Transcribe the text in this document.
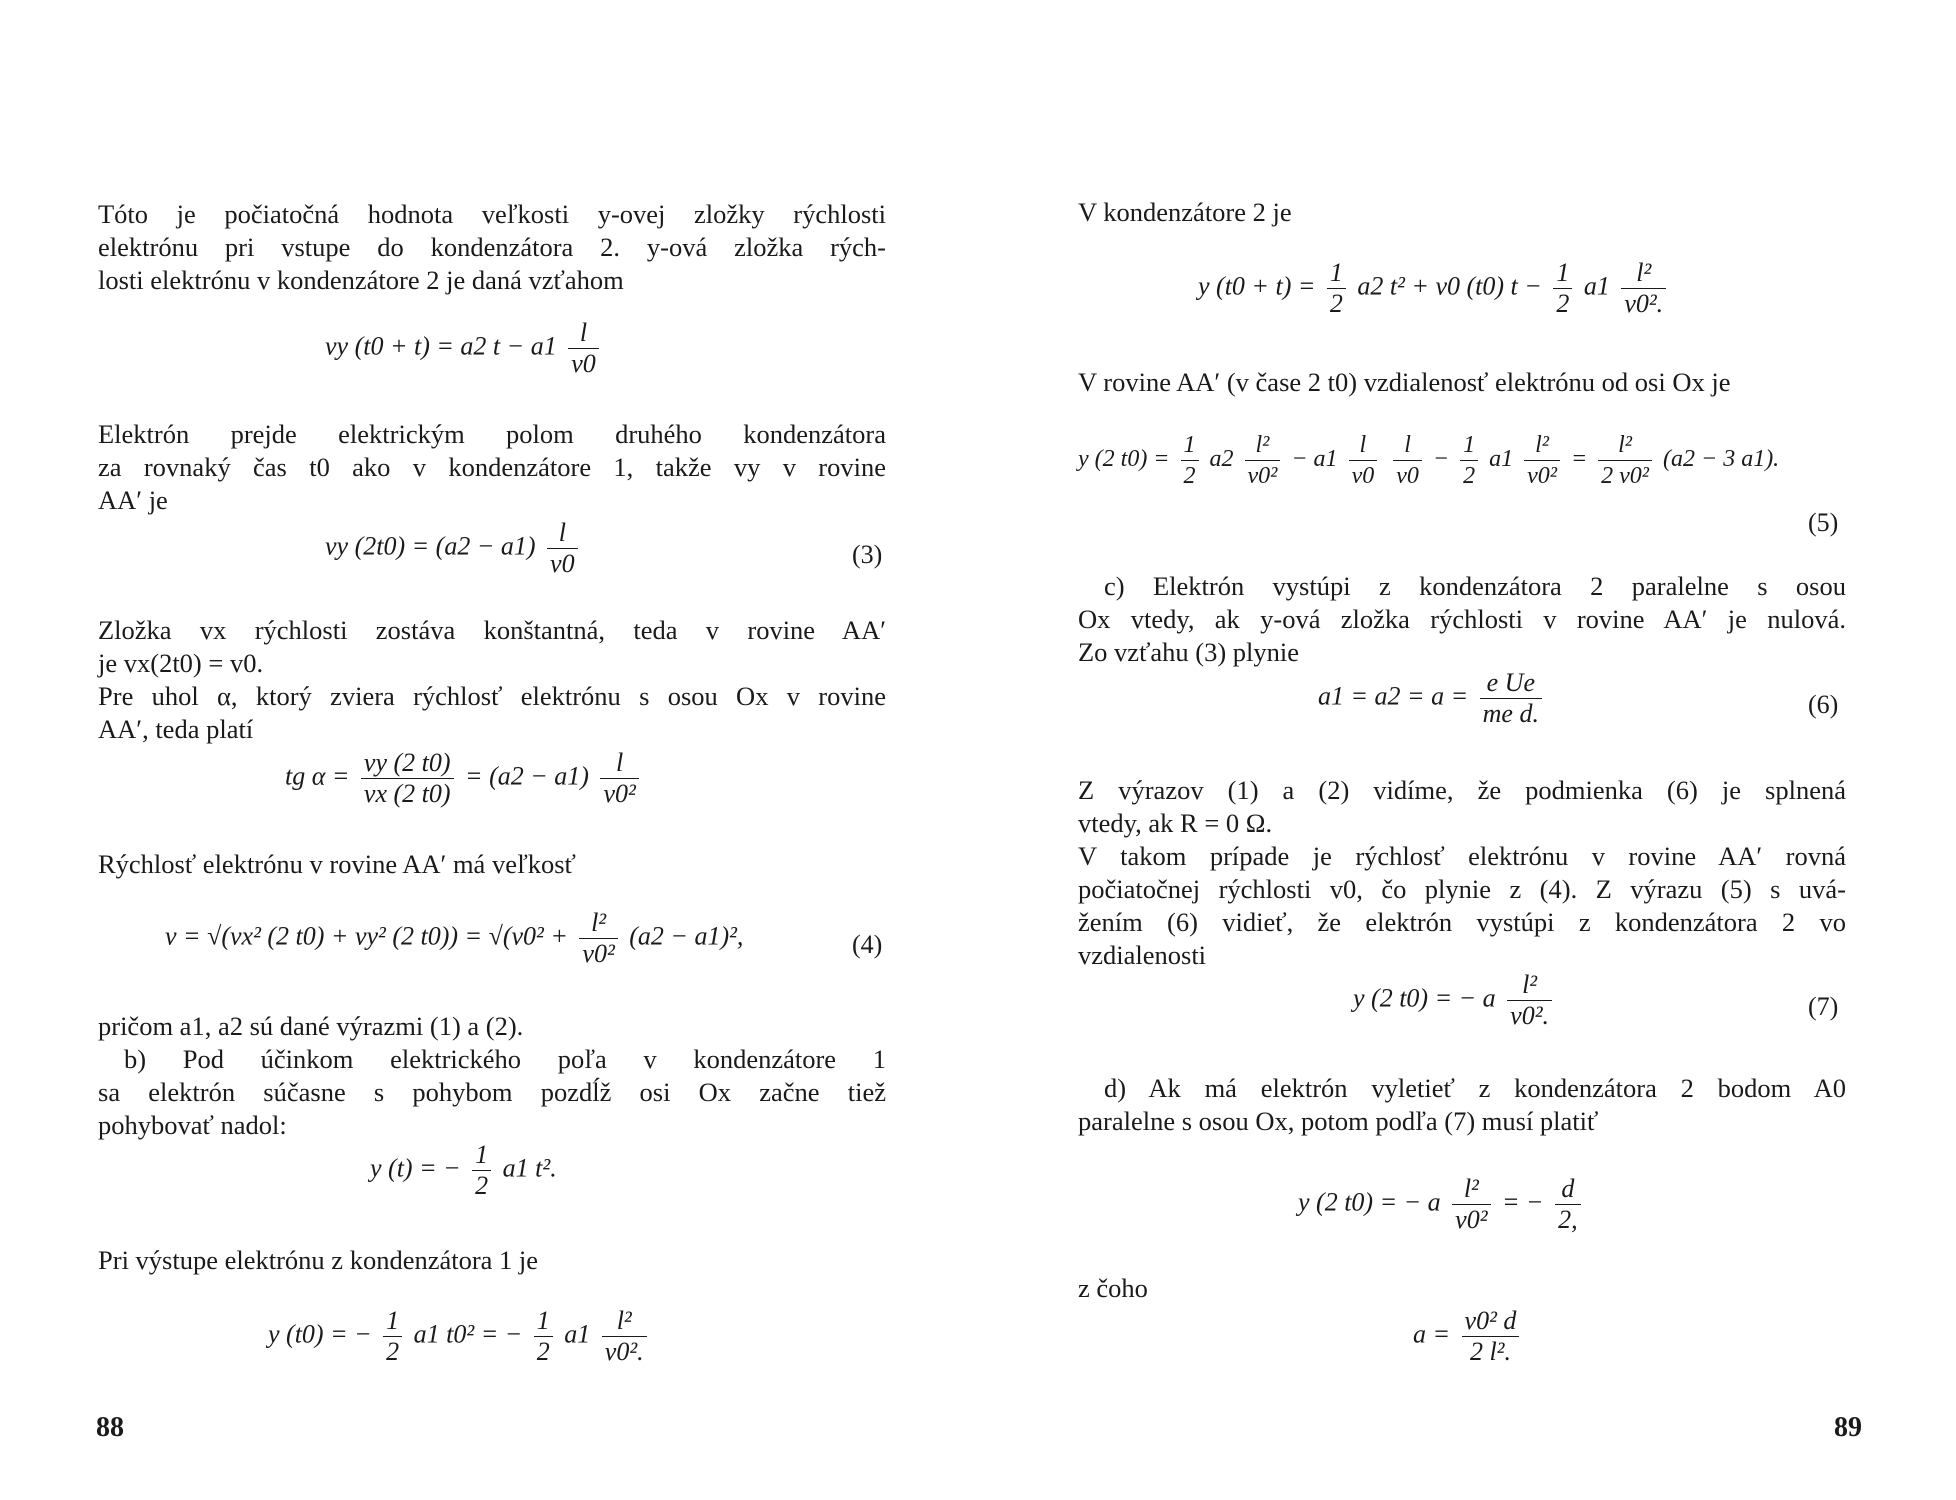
Tóto je počiatočná hodnota veľkosti y-ovej zložky rýchlosti
elektrónu pri vstupe do kondenzátora 2. y-ová zložka rých-
losti elektrónu v kondenzátore 2 je daná vzťahom
vy (t0 + t) = a2 $t - a1 \frac{l}{v0}$
Elektrón prejde elektrickým polom druhého kondenzátora
za rovnaký čas t0 ako v kondenzátore 1, takže vy v rovine
AA′ je
vy $(2t0) = (a2 - a1) \frac{l}{v0}$	(3)
Zložka vx rýchlosti zostáva konštantná, teda v rovine AA′
je vx(2t0) = v0.
Pre uhol α, ktorý zviera rýchlosť elektrónu s osou Ox v rovine
AA′, teda platí
tg $\alpha = \frac{vy (2 t0)}{vx (2 t0)} = (a2 - a1) \frac{l}{\text{v0²}}$
Rýchlosť elektrónu v rovine AA′ má veľkosť
v = √(vx² (2 t0) + vy² (2 $t0)) = √(v0^2 + \frac{\text{l²}}{\text{v0²}} (a2 - a1)^2$,	(4)
pričom a1, a2 sú dané výrazmi (1) a (2).
b) Pod účinkom elektrického poľa v kondenzátore 1
sa elektrón súčasne s pohybom pozdĺž osi Ox začne tiež
pohybovať nadol:
y (t) = − $\frac{1}{2} a1$ t².
Pri výstupe elektrónu z kondenzátora 1 je
y (t0) = − $\frac{1}{2} a1$ t0² = − $\frac{1}{2} a1 \frac{\text{l²}}{\text{v0².}}$
88
V kondenzátore 2 je
y $(t0 + t) = \frac{1}{2} a2$ t² + v0 (t0) $t - \frac{1}{2} a1 \frac{\text{l²}}{\text{v0².}}$
V rovine AA′ (v čase 2 t0) vzdialenosť elektrónu od osi Ox je
y (2 $t0) = \frac{1}{2} a2 \frac{\text{l²}}{\text{v0²}} - a1 \frac{l}{v0}$
$\frac{l}{v0} - \frac{1}{2} a1 \frac{\text{l²}}{\text{v0²}} = \frac{\text{l²}}{\text{2 v0²}} (a2 - 3$ a1).
(5)
c) Elektrón vystúpi z kondenzátora 2 paralelne s osou
Ox vtedy, ak y-ová zložka rýchlosti v rovine AA′ je nulová.
Zo vzťahu (3) plynie
$a1 = a2 = a = \frac{\text{e Ue}}{\text{me d.}}$	(6)
Z výrazov (1) a (2) vidíme, že podmienka (6) je splnená
vtedy, ak R = 0 Ω.
V takom prípade je rýchlosť elektrónu v rovine AA′ rovná
počiatočnej rýchlosti v0, čo plynie z (4). Z výrazu (5) s uvá-
žením (6) vidieť, že elektrón vystúpi z kondenzátora 2 vo
vzdialenosti
y (2 t0) = − a $\frac{\text{l²}}{\text{v0².}}$	(7)
d) Ak má elektrón vyletieť z kondenzátora 2 bodom A0
paralelne s osou Ox, potom podľa (7) musí platiť
y (2 t0) = − a $\frac{\text{l²}}{\text{v0²}}$ = − $\frac{d}{2,}$
z čoho
$a = \frac{\text{v0² d}}{\text{2 l².}}$
89
